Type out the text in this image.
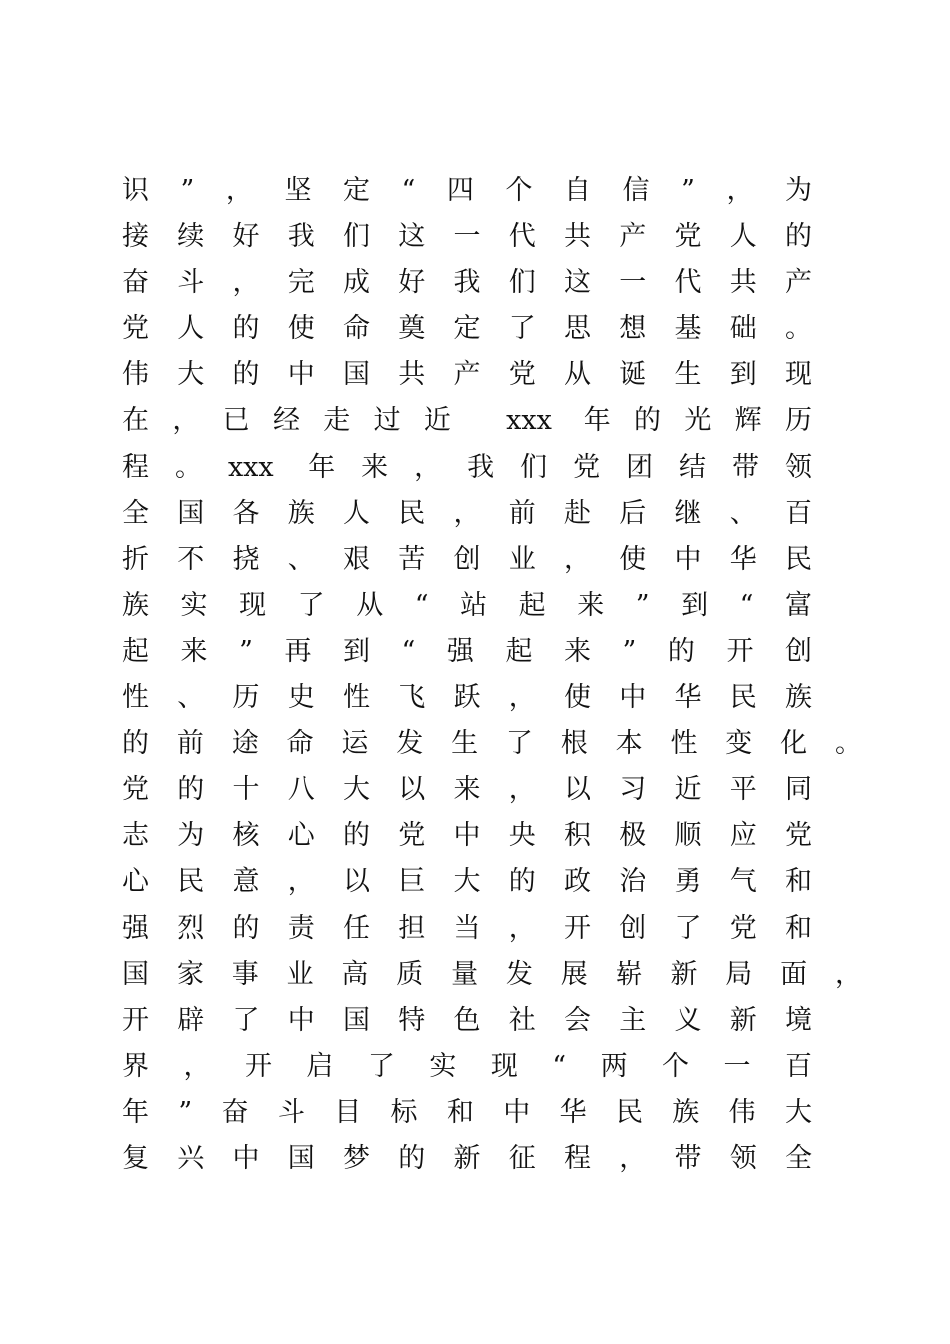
识”，坚定“四个自信”，为
接续好我们这一代共产党人的
奋斗，完成好我们这一代共产
党人的使命奠定了思想基础。
伟大的中国共产党从诞生到现
在，已经走过近 xxx 年的光辉历
程。xxx 年来，我们党团结带领
全国各族人民，前赴后继、百
折不挠、艰苦创业，使中华民
族实现了从“站起来”到“富
起来”再到“强起来”的开创
性、历史性飞跃，使中华民族
的前途命运发生了根本性变化。
党的十八大以来，以习近平同
志为核心的党中央积极顺应党
心民意，以巨大的政治勇气和
强烈的责任担当，开创了党和
国家事业高质量发展崭新局面，
开辟了中国特色社会主义新境
界，开启了实现“两个一百
年”奋斗目标和中华民族伟大
复兴中国梦的新征程，带领全
